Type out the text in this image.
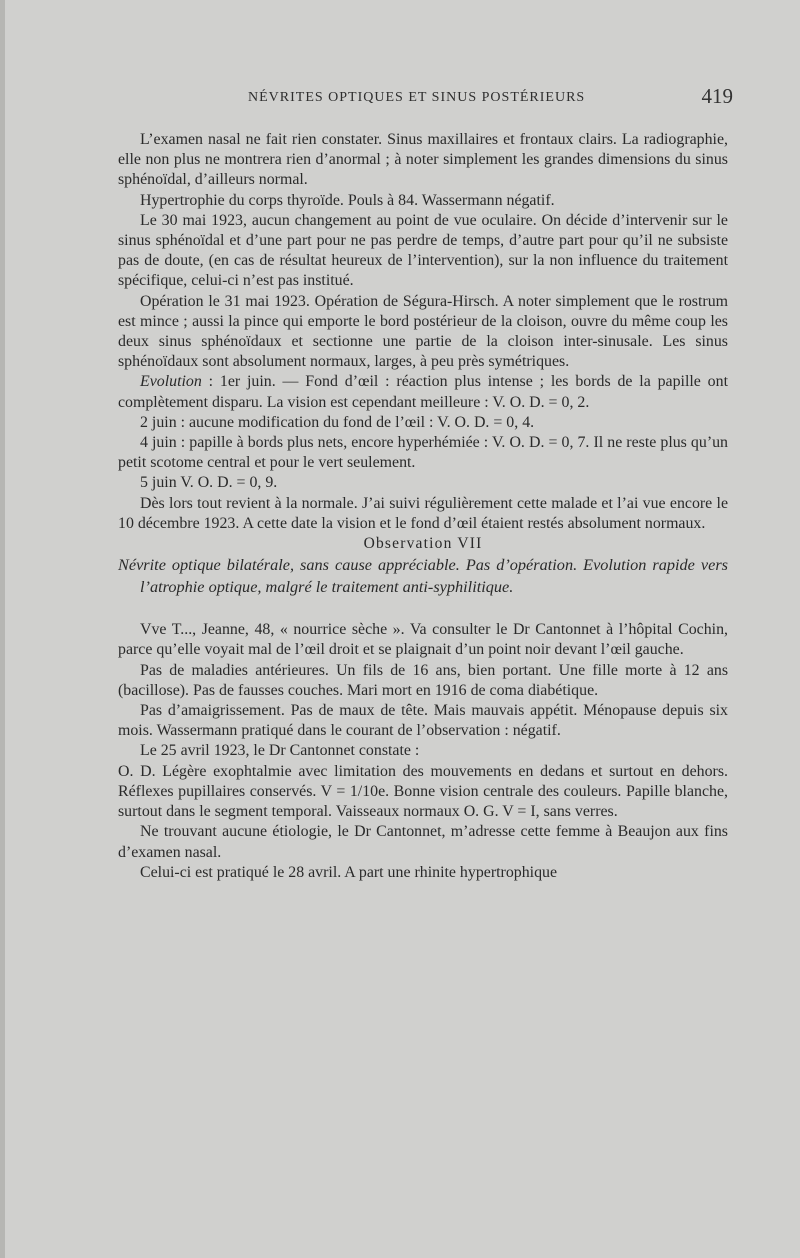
NÉVRITES OPTIQUES ET SINUS POSTÉRIEURS	419

L’examen nasal ne fait rien constater. Sinus maxillaires et frontaux clairs. La radiographie, elle non plus ne montrera rien d’anormal ; à noter simplement les grandes dimensions du sinus sphénoïdal, d’ailleurs normal.

Hypertrophie du corps thyroïde. Pouls à 84. Wassermann négatif.

Le 30 mai 1923, aucun changement au point de vue oculaire. On décide d’intervenir sur le sinus sphénoïdal et d’une part pour ne pas perdre de temps, d’autre part pour qu’il ne subsiste pas de doute, (en cas de résultat heureux de l’intervention), sur la non influence du traitement spécifique, celui-ci n’est pas institué.

Opération le 31 mai 1923. Opération de Ségura-Hirsch. A noter simplement que le rostrum est mince ; aussi la pince qui emporte le bord postérieur de la cloison, ouvre du même coup les deux sinus sphénoïdaux et sectionne une partie de la cloison inter-sinusale. Les sinus sphénoïdaux sont absolument normaux, larges, à peu près symétriques.

Evolution : 1er juin. — Fond d’œil : réaction plus intense ; les bords de la papille ont complètement disparu. La vision est cependant meilleure : V. O. D. = 0, 2.

2 juin : aucune modification du fond de l’œil : V. O. D. = 0, 4.

4 juin : papille à bords plus nets, encore hyperhémiée : V. O. D. = 0, 7. Il ne reste plus qu’un petit scotome central et pour le vert seulement.

5 juin V. O. D. = 0, 9.

Dès lors tout revient à la normale. J’ai suivi régulièrement cette malade et l’ai vue encore le 10 décembre 1923. A cette date la vision et le fond d’œil étaient restés absolument normaux.

Observation VII

Névrite optique bilatérale, sans cause appréciable. Pas d’opération. Evolution rapide vers l’atrophie optique, malgré le traitement anti-syphilitique.

Vve T..., Jeanne, 48, « nourrice sèche ». Va consulter le Dr Cantonnet à l’hôpital Cochin, parce qu’elle voyait mal de l’œil droit et se plaignait d’un point noir devant l’œil gauche.

Pas de maladies antérieures. Un fils de 16 ans, bien portant. Une fille morte à 12 ans (bacillose). Pas de fausses couches. Mari mort en 1916 de coma diabétique.

Pas d’amaigrissement. Pas de maux de tête. Mais mauvais appétit. Ménopause depuis six mois. Wassermann pratiqué dans le courant de l’observation : négatif.

Le 25 avril 1923, le Dr Cantonnet constate :

O. D. Légère exophtalmie avec limitation des mouvements en dedans et surtout en dehors. Réflexes pupillaires conservés. V = 1/10e. Bonne vision centrale des couleurs. Papille blanche, surtout dans le segment temporal. Vaisseaux normaux O. G. V = I, sans verres.

Ne trouvant aucune étiologie, le Dr Cantonnet, m’adresse cette femme à Beaujon aux fins d’examen nasal.

Celui-ci est pratiqué le 28 avril. A part une rhinite hypertrophique
